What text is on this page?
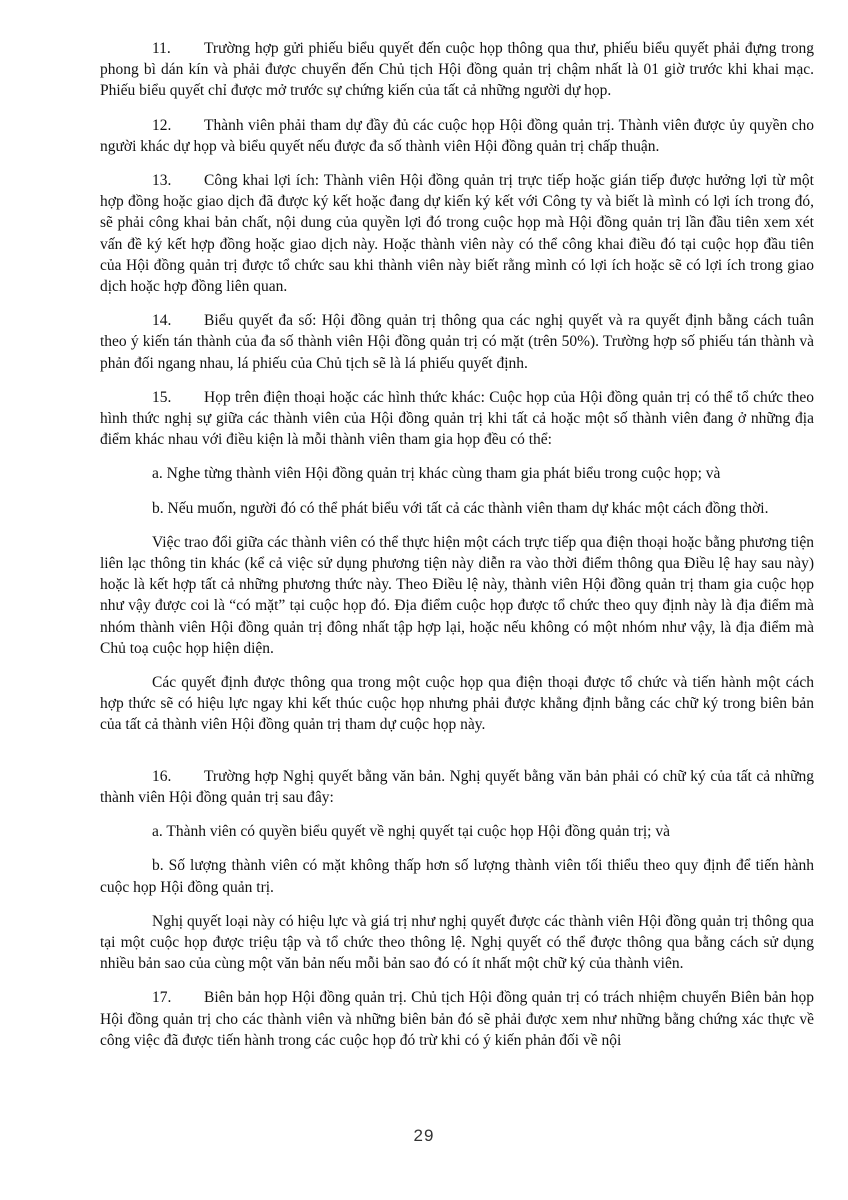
11. Trường hợp gửi phiếu biểu quyết đến cuộc họp thông qua thư, phiếu biểu quyết phải đựng trong phong bì dán kín và phải được chuyển đến Chủ tịch Hội đồng quản trị chậm nhất là 01 giờ trước khi khai mạc. Phiếu biểu quyết chỉ được mở trước sự chứng kiến của tất cả những người dự họp.

12. Thành viên phải tham dự đầy đủ các cuộc họp Hội đồng quản trị. Thành viên được ủy quyền cho người khác dự họp và biểu quyết nếu được đa số thành viên Hội đồng quản trị chấp thuận.

13. Công khai lợi ích: Thành viên Hội đồng quản trị trực tiếp hoặc gián tiếp được hưởng lợi từ một hợp đồng hoặc giao dịch đã được ký kết hoặc đang dự kiến ký kết với Công ty và biết là mình có lợi ích trong đó, sẽ phải công khai bản chất, nội dung của quyền lợi đó trong cuộc họp mà Hội đồng quản trị lần đầu tiên xem xét vấn đề ký kết hợp đồng hoặc giao dịch này. Hoặc thành viên này có thể công khai điều đó tại cuộc họp đầu tiên của Hội đồng quản trị được tổ chức sau khi thành viên này biết rằng mình có lợi ích hoặc sẽ có lợi ích trong giao dịch hoặc hợp đồng liên quan.

14. Biểu quyết đa số: Hội đồng quản trị thông qua các nghị quyết và ra quyết định bằng cách tuân theo ý kiến tán thành của đa số thành viên Hội đồng quản trị có mặt (trên 50%). Trường hợp số phiếu tán thành và phản đối ngang nhau, lá phiếu của Chủ tịch sẽ là lá phiếu quyết định.

15. Họp trên điện thoại hoặc các hình thức khác: Cuộc họp của Hội đồng quản trị có thể tổ chức theo hình thức nghị sự giữa các thành viên của Hội đồng quản trị khi tất cả hoặc một số thành viên đang ở những địa điểm khác nhau với điều kiện là mỗi thành viên tham gia họp đều có thể:

a. Nghe từng thành viên Hội đồng quản trị khác cùng tham gia phát biểu trong cuộc họp; và

b. Nếu muốn, người đó có thể phát biểu với tất cả các thành viên tham dự khác một cách đồng thời.

Việc trao đổi giữa các thành viên có thể thực hiện một cách trực tiếp qua điện thoại hoặc bằng phương tiện liên lạc thông tin khác (kể cả việc sử dụng phương tiện này diễn ra vào thời điểm thông qua Điều lệ hay sau này) hoặc là kết hợp tất cả những phương thức này. Theo Điều lệ này, thành viên Hội đồng quản trị tham gia cuộc họp như vậy được coi là “có mặt” tại cuộc họp đó. Địa điểm cuộc họp được tổ chức theo quy định này là địa điểm mà nhóm thành viên Hội đồng quản trị đông nhất tập hợp lại, hoặc nếu không có một nhóm như vậy, là địa điểm mà Chủ toạ cuộc họp hiện diện.

Các quyết định được thông qua trong một cuộc họp qua điện thoại được tổ chức và tiến hành một cách hợp thức sẽ có hiệu lực ngay khi kết thúc cuộc họp nhưng phải được khẳng định bằng các chữ ký trong biên bản của tất cả thành viên Hội đồng quản trị tham dự cuộc họp này.

16. Trường hợp Nghị quyết bằng văn bản. Nghị quyết bằng văn bản phải có chữ ký của tất cả những thành viên Hội đồng quản trị sau đây:

a. Thành viên có quyền biểu quyết về nghị quyết tại cuộc họp Hội đồng quản trị; và

b. Số lượng thành viên có mặt không thấp hơn số lượng thành viên tối thiểu theo quy định để tiến hành cuộc họp Hội đồng quản trị.

Nghị quyết loại này có hiệu lực và giá trị như nghị quyết được các thành viên Hội đồng quản trị thông qua tại một cuộc họp được triệu tập và tổ chức theo thông lệ. Nghị quyết có thể được thông qua bằng cách sử dụng nhiều bản sao của cùng một văn bản nếu mỗi bản sao đó có ít nhất một chữ ký của thành viên.

17. Biên bản họp Hội đồng quản trị. Chủ tịch Hội đồng quản trị có trách nhiệm chuyển Biên bản họp Hội đồng quản trị cho các thành viên và những biên bản đó sẽ phải được xem như những bằng chứng xác thực về công việc đã được tiến hành trong các cuộc họp đó trừ khi có ý kiến phản đối về nội

29
